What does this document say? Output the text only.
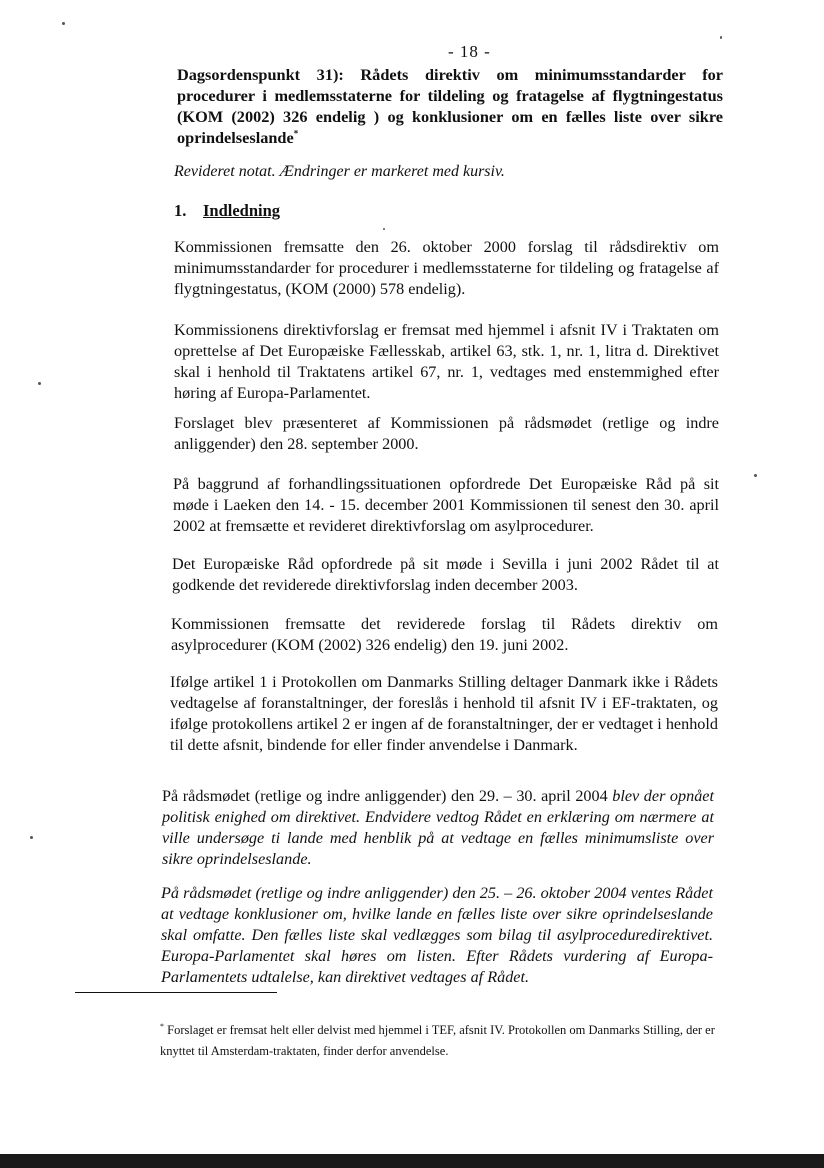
- 18 -
Dagsordenspunkt 31): Rådets direktiv om minimumsstandarder for procedurer i medlemsstaterne for tildeling og fratagelse af flygtningestatus (KOM (2002) 326 endelig ) og konklusioner om en fælles liste over sikre oprindelseslande*
Revideret notat. Ændringer er markeret med kursiv.
1. Indledning

Kommissionen fremsatte den 26. oktober 2000 forslag til rådsdirektiv om minimumsstandarder for procedurer i medlemsstaterne for tildeling og fratagelse af flygtningestatus, (KOM (2000) 578 endelig).

Kommissionens direktivforslag er fremsat med hjemmel i afsnit IV i Traktaten om oprettelse af Det Europæiske Fællesskab, artikel 63, stk. 1, nr. 1, litra d. Direktivet skal i henhold til Traktatens artikel 67, nr. 1, vedtages med enstemmighed efter høring af Europa-Parlamentet.

Forslaget blev præsenteret af Kommissionen på rådsmødet (retlige og indre anliggender) den 28. september 2000.

På baggrund af forhandlingssituationen opfordrede Det Europæiske Råd på sit møde i Laeken den 14. - 15. december 2001 Kommissionen til senest den 30. april 2002 at fremsætte et revideret direktivforslag om asylprocedurer.

Det Europæiske Råd opfordrede på sit møde i Sevilla i juni 2002 Rådet til at godkende det reviderede direktivforslag inden december 2003.

Kommissionen fremsatte det reviderede forslag til Rådets direktiv om asylprocedurer (KOM (2002) 326 endelig) den 19. juni 2002.

Ifølge artikel 1 i Protokollen om Danmarks Stilling deltager Danmark ikke i Rådets vedtagelse af foranstaltninger, der foreslås i henhold til afsnit IV i EF-traktaten, og ifølge protokollens artikel 2 er ingen af de foranstaltninger, der er vedtaget i henhold til dette afsnit, bindende for eller finder anvendelse i Danmark.

På rådsmødet (retlige og indre anliggender) den 29. – 30. april 2004 blev der opnået politisk enighed om direktivet. Endvidere vedtog Rådet en erklæring om nærmere at ville undersøge ti lande med henblik på at vedtage en fælles minimumsliste over sikre oprindelseslande.

På rådsmødet (retlige og indre anliggender) den 25. – 26. oktober 2004 ventes Rådet at vedtage konklusioner om, hvilke lande en fælles liste over sikre oprindelseslande skal omfatte. Den fælles liste skal vedlægges som bilag til asylproceduredirektivet. Europa-Parlamentet skal høres om listen. Efter Rådets vurdering af Europa-Parlamentets udtalelse, kan direktivet vedtages af Rådet.

* Forslaget er fremsat helt eller delvist med hjemmel i TEF, afsnit IV. Protokollen om Danmarks Stilling, der er knyttet til Amsterdam-traktaten, finder derfor anvendelse.
